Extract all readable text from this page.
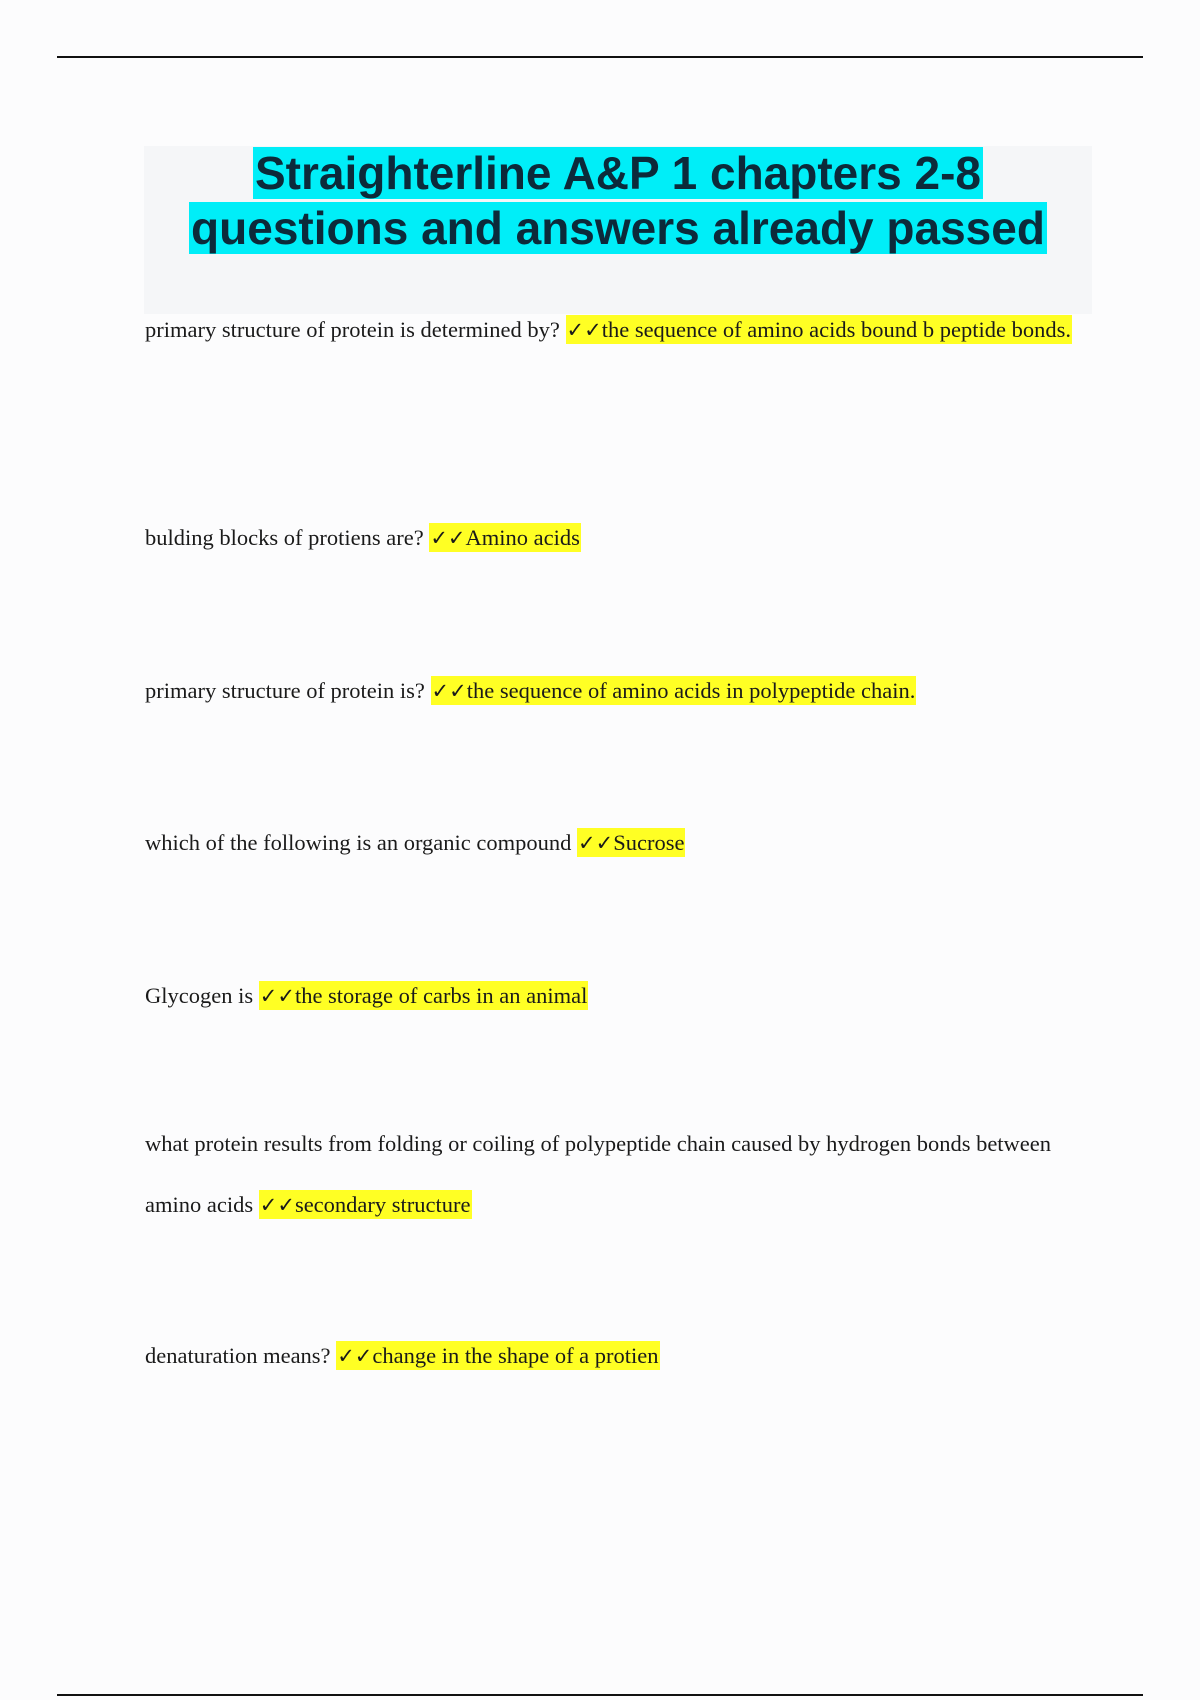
Straighterline A&P 1 chapters 2-8
questions and answers already passed
primary structure of protein is determined by? ✓✓the sequence of amino acids bound b peptide bonds.
bulding blocks of protiens are? ✓✓Amino acids
primary structure of protein is? ✓✓the sequence of amino acids in polypeptide chain.
which of the following is an organic compound ✓✓Sucrose
Glycogen is ✓✓the storage of carbs in an animal
what protein results from folding or coiling of polypeptide chain caused by hydrogen bonds between amino acids ✓✓secondary structure
denaturation means? ✓✓change in the shape of a protien
